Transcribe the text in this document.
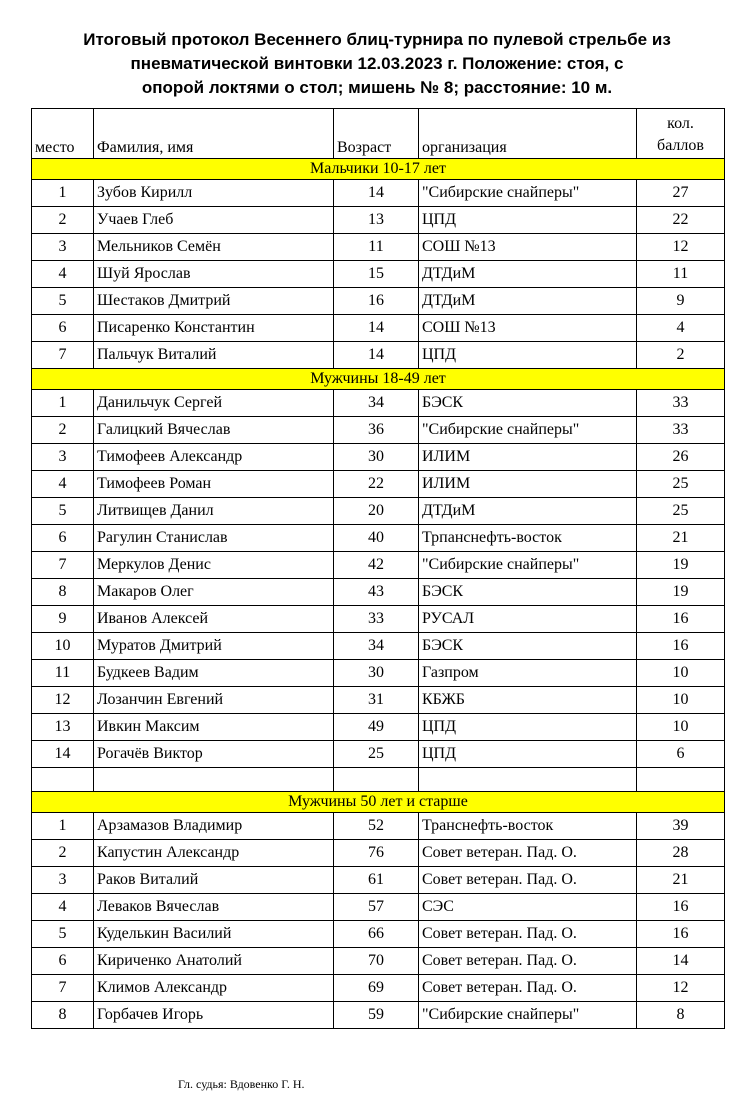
Итоговый протокол Весеннего блиц-турнира по пулевой стрельбе из
пневматической винтовки 12.03.2023 г. Положение: стоя, с
опорой локтями о стол; мишень № 8; расстояние: 10 м.
место	Фамилия, имя	Возраст	организация	кол.
баллов
Мальчики 10-17 лет				
1	Зубов Кирилл	14	"Сибирские снайперы"	27
2	Учаев Глеб	13	ЦПД	22
3	Мельников Семён	11	СОШ №13	12
4	Шуй Ярослав	15	ДТДиМ	11
5	Шестаков Дмитрий	16	ДТДиМ	9
6	Писаренко Константин	14	СОШ №13	4
7	Пальчук Виталий	14	ЦПД	2
Мужчины 18-49 лет				
1	Данильчук Сергей	34	БЭСК	33
2	Галицкий Вячеслав	36	"Сибирские снайперы"	33
3	Тимофеев Александр	30	ИЛИМ	26
4	Тимофеев Роман	22	ИЛИМ	25
5	Литвищев Данил	20	ДТДиМ	25
6	Рагулин Станислав	40	Трпанснефть-восток	21
7	Меркулов Денис	42	"Сибирские снайперы"	19
8	Макаров Олег	43	БЭСК	19
9	Иванов Алексей	33	РУСАЛ	16
10	Муратов Дмитрий	34	БЭСК	16
11	Будкеев Вадим	30	Газпром	10
12	Лозанчин Евгений	31	КБЖБ	10
13	Ивкин Максим	49	ЦПД	10
14	Рогачёв Виктор	25	ЦПД	6

Мужчины 50 лет и старше				
1	Арзамазов Владимир	52	Транснефть-восток	39
2	Капустин Александр	76	Совет ветеран. Пад. О.	28
3	Раков Виталий	61	Совет ветеран. Пад. О.	21
4	Леваков Вячеслав	57	СЭС	16
5	Куделькин Василий	66	Совет ветеран. Пад. О.	16
6	Кириченко Анатолий	70	Совет ветеран. Пад. О.	14
7	Климов Александр	69	Совет ветеран. Пад. О.	12
8	Горбачев Игорь	59	"Сибирские снайперы"	8
Гл. судья: Вдовенко Г. Н.
